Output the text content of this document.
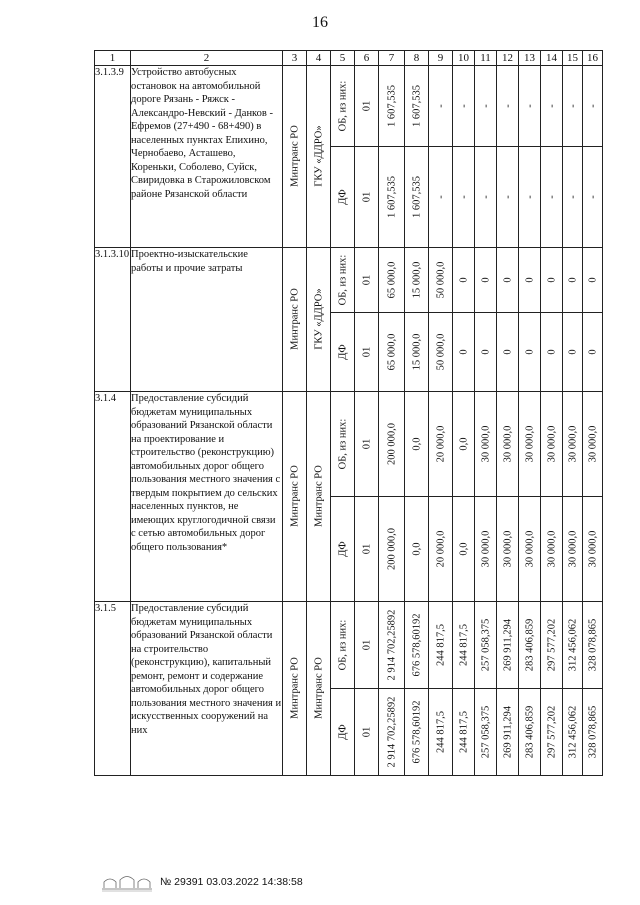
16
1	2	3	4	5	6	7	8	9	10	11	12	13	14	15	16
3.1.3.9	Устройство автобусных остановок на автомобильной дороге Рязань - Ряжск - Александро-Невский - Данков - Ефремов (27+490 - 68+490) в населенных пунктах Епихино, Чернобаево, Асташево, Кореньки, Соболево, Суйск, Свиридовка в Старожиловском районе Рязанской области	Минтранс РО	ГКУ «ДДРО»	ОБ, из них:	01	1 607,535	1 607,535	-	-	-	-	-	-	-	-

				ДФ	01	1 607,535	1 607,535	-	-	-	-	-	-	-	-

3.1.3.10	Проектно-изыскательские работы и прочие затраты	Минтранс РО	ГКУ «ДДРО»	ОБ, из них:	01	65 000,0	15 000,0	50 000,0	0	0	0	0	0	0	0

				ДФ	01	65 000,0	15 000,0	50 000,0	0	0	0	0	0	0	0

3.1.4	Предоставление субсидий бюджетам муниципальных образований Рязанской области на проектирование и строительство (реконструкцию) автомобильных дорог общего пользования местного значения с твердым покрытием до сельских населенных пунктов, не имеющих круглогодичной связи с сетью автомобильных дорог общего пользования*	Минтранс РО	Минтранс РО	ОБ, из них:	01	200 000,0	0,0	20 000,0	0,0	30 000,0	30 000,0	30 000,0	30 000,0	30 000,0	30 000,0

				ДФ	01	200 000,0	0,0	20 000,0	0,0	30 000,0	30 000,0	30 000,0	30 000,0	30 000,0	30 000,0

3.1.5	Предоставление субсидий бюджетам муниципальных образований Рязанской области на строительство (реконструкцию), капитальный ремонт, ремонт и содержание автомобильных дорог общего пользования местного значения и искусственных сооружений на них	Минтранс РО	Минтранс РО	ОБ, из них:	01	2 914 702,25892	676 578,60192	244 817,5	244 817,5	257 058,375	269 911,294	283 406,859	297 577,202	312 456,062	328 078,865

				ДФ	01	2 914 702,25892	676 578,60192	244 817,5	244 817,5	257 058,375	269 911,294	283 406,859	297 577,202	312 456,062	328 078,865
№ 29391 03.03.2022 14:38:58
